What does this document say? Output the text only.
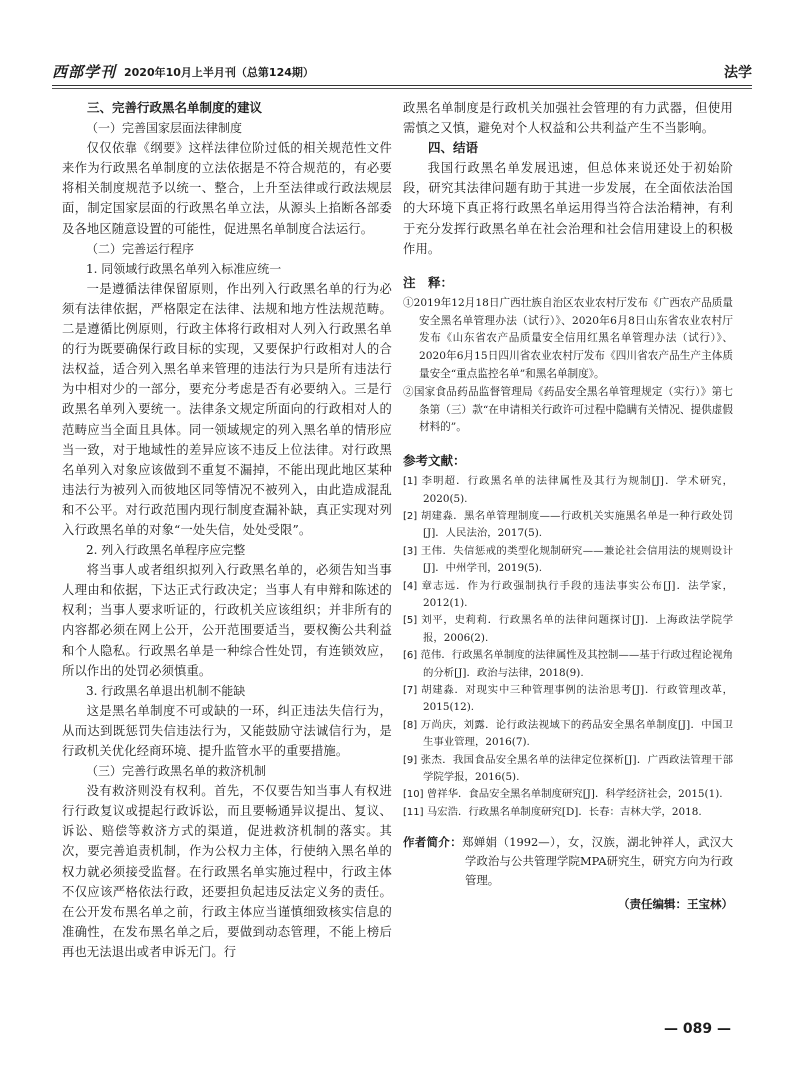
西部学刊 2020年10月上半月刊（总第124期）	法学

三、完善行政黑名单制度的建议

（一）完善国家层面法律制度

仅仅依靠《纲要》这样法律位阶过低的相关规范性文件来作为行政黑名单制度的立法依据是不符合规范的，有必要将相关制度规范予以统一、整合，上升至法律或行政法规层面，制定国家层面的行政黑名单立法，从源头上掐断各部委及各地区随意设置的可能性，促进黑名单制度合法运行。

（二）完善运行程序

1. 同领域行政黑名单列入标准应统一

一是遵循法律保留原则，作出列入行政黑名单的行为必须有法律依据，严格限定在法律、法规和地方性法规范畴。二是遵循比例原则，行政主体将行政相对人列入行政黑名单的行为既要确保行政目标的实现，又要保护行政相对人的合法权益，适合列入黑名单来管理的违法行为只是所有违法行为中相对少的一部分，要充分考虑是否有必要纳入。三是行政黑名单列入要统一。法律条文规定所面向的行政相对人的范畴应当全面且具体。同一领域规定的列入黑名单的情形应当一致，对于地域性的差异应该不违反上位法律。对行政黑名单列入对象应该做到不重复不漏掉，不能出现此地区某种违法行为被列入而彼地区同等情况不被列入，由此造成混乱和不公平。对行政范围内现行制度查漏补缺，真正实现对列入行政黑名单的对象“一处失信，处处受限”。

2. 列入行政黑名单程序应完整

将当事人或者组织拟列入行政黑名单的，必须告知当事人理由和依据，下达正式行政决定；当事人有申辩和陈述的权利；当事人要求听证的，行政机关应该组织；并非所有的内容都必须在网上公开，公开范围要适当，要权衡公共利益和个人隐私。行政黑名单是一种综合性处罚，有连锁效应，所以作出的处罚必须慎重。

3. 行政黑名单退出机制不能缺

这是黑名单制度不可或缺的一环，纠正违法失信行为，从而达到既惩罚失信违法行为，又能鼓励守法诚信行为，是行政机关优化经商环境、提升监管水平的重要措施。

（三）完善行政黑名单的救济机制

没有救济则没有权利。首先，不仅要告知当事人有权进行行政复议或提起行政诉讼，而且要畅通异议提出、复议、诉讼、赔偿等救济方式的渠道，促进救济机制的落实。其次，要完善追责机制，作为公权力主体，行使纳入黑名单的权力就必须接受监督。在行政黑名单实施过程中，行政主体不仅应该严格依法行政，还要担负起违反法定义务的责任。在公开发布黑名单之前，行政主体应当谨慎细致核实信息的准确性，在发布黑名单之后，要做到动态管理，不能上榜后再也无法退出或者申诉无门。行

政黑名单制度是行政机关加强社会管理的有力武器，但使用需慎之又慎，避免对个人权益和公共利益产生不当影响。

四、结语

我国行政黑名单发展迅速，但总体来说还处于初始阶段，研究其法律问题有助于其进一步发展，在全面依法治国的大环境下真正将行政黑名单运用得当符合法治精神，有利于充分发挥行政黑名单在社会治理和社会信用建设上的积极作用。

注　释：

①2019年12月18日广西壮族自治区农业农村厅发布《广西农产品质量安全黑名单管理办法（试行）》、2020年6月8日山东省农业农村厅发布《山东省农产品质量安全信用红黑名单管理办法（试行）》、2020年6月15日四川省农业农村厅发布《四川省农产品生产主体质量安全“重点监控名单”和黑名单制度》。

②国家食品药品监督管理局《药品安全黑名单管理规定（实行）》第七条第（三）款“在申请相关行政许可过程中隐瞒有关情况、提供虚假材料的”。

参考文献：

[1] 李明超．行政黑名单的法律属性及其行为规制[J]．学术研究，2020(5).

[2] 胡建淼．黑名单管理制度——行政机关实施黑名单是一种行政处罚[J]．人民法治，2017(5).

[3] 王伟．失信惩戒的类型化规制研究——兼论社会信用法的规则设计[J]．中州学刊，2019(5).

[4] 章志远．作为行政强制执行手段的违法事实公布[J]．法学家，2012(1).

[5] 刘平，史莉莉．行政黑名单的法律问题探讨[J]．上海政法学院学报，2006(2).

[6] 范伟．行政黑名单制度的法律属性及其控制——基于行政过程论视角的分析[J]．政治与法律，2018(9).

[7] 胡建淼．对现实中三种管理事例的法治思考[J]．行政管理改革，2015(12).

[8] 万尚庆，刘露．论行政法视域下的药品安全黑名单制度[J]．中国卫生事业管理，2016(7).

[9] 张杰．我国食品安全黑名单的法律定位探析[J]．广西政法管理干部学院学报，2016(5).

[10] 曾祥华．食品安全黑名单制度研究[J]．科学经济社会，2015(1).

[11] 马宏浩．行政黑名单制度研究[D]．长春：吉林大学，2018.

作者简介：郑婵娟（1992—），女，汉族，湖北钟祥人，武汉大学政治与公共管理学院MPA研究生，研究方向为行政管理。

（责任编辑：王宝林）

— 089 —
